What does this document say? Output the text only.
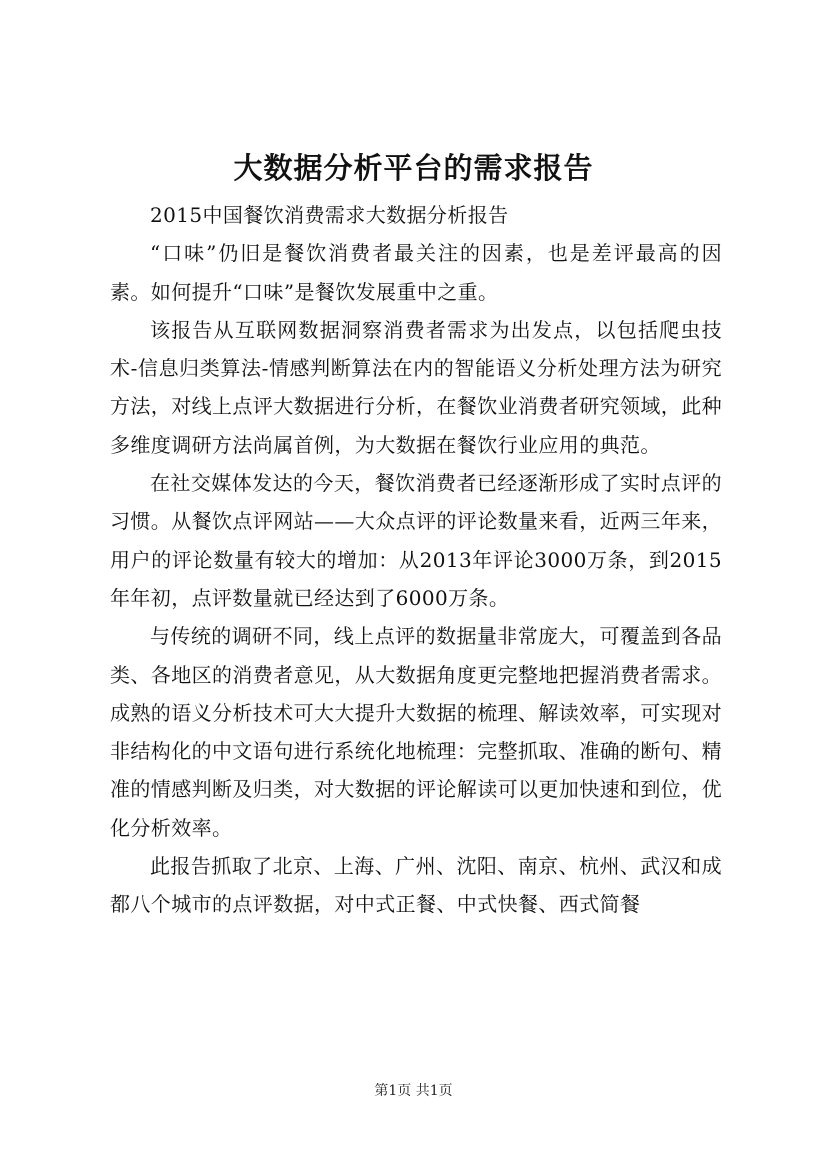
大数据分析平台的需求报告

2015中国餐饮消费需求大数据分析报告

“口味”仍旧是餐饮消费者最关注的因素，也是差评最高的因素。如何提升“口味”是餐饮发展重中之重。

该报告从互联网数据洞察消费者需求为出发点，以包括爬虫技术-信息归类算法-情感判断算法在内的智能语义分析处理方法为研究方法，对线上点评大数据进行分析，在餐饮业消费者研究领域，此种多维度调研方法尚属首例，为大数据在餐饮行业应用的典范。

在社交媒体发达的今天，餐饮消费者已经逐渐形成了实时点评的习惯。从餐饮点评网站——大众点评的评论数量来看，近两三年来，用户的评论数量有较大的增加：从2013年评论3000万条，到2015年年初，点评数量就已经达到了6000万条。

与传统的调研不同，线上点评的数据量非常庞大，可覆盖到各品类、各地区的消费者意见，从大数据角度更完整地把握消费者需求。成熟的语义分析技术可大大提升大数据的梳理、解读效率，可实现对非结构化的中文语句进行系统化地梳理：完整抓取、准确的断句、精准的情感判断及归类，对大数据的评论解读可以更加快速和到位，优化分析效率。

此报告抓取了北京、上海、广州、沈阳、南京、杭州、武汉和成都八个城市的点评数据，对中式正餐、中式快餐、西式简餐

第1页 共1页
